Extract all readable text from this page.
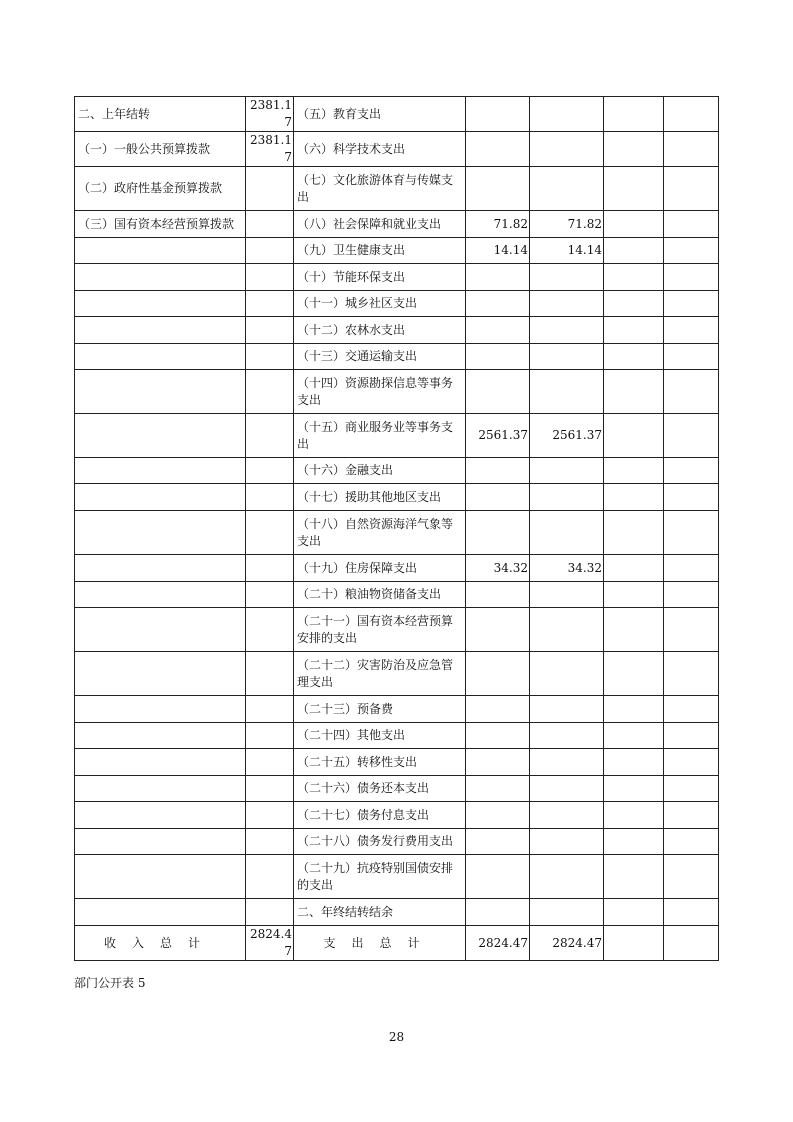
二、上年结转	2381.17	（五）教育支出				
（一）一般公共预算拨款	2381.17	（六）科学技术支出				
（二）政府性基金预算拨款		（七）文化旅游体育与传媒支出				
（三）国有资本经营预算拨款		（八）社会保障和就业支出	71.82	71.82		
		（九）卫生健康支出	14.14	14.14		
		（十）节能环保支出				
		（十一）城乡社区支出				
		（十二）农林水支出				
		（十三）交通运输支出				
		（十四）资源勘探信息等事务支出				
		（十五）商业服务业等事务支出	2561.37	2561.37		
		（十六）金融支出				
		（十七）援助其他地区支出				
		（十八）自然资源海洋气象等支出				
		（十九）住房保障支出	34.32	34.32		
		（二十）粮油物资储备支出				
		（二十一）国有资本经营预算安排的支出				
		（二十二）灾害防治及应急管理支出				
		（二十三）预备费				
		（二十四）其他支出				
		（二十五）转移性支出				
		（二十六）债务还本支出				
		（二十七）债务付息支出				
		（二十八）债务发行费用支出				
		（二十九）抗疫特别国债安排的支出				
		二、年终结转结余				
收入总计	2824.47	支出总计	2824.47	2824.47		
部门公开表 5
28
